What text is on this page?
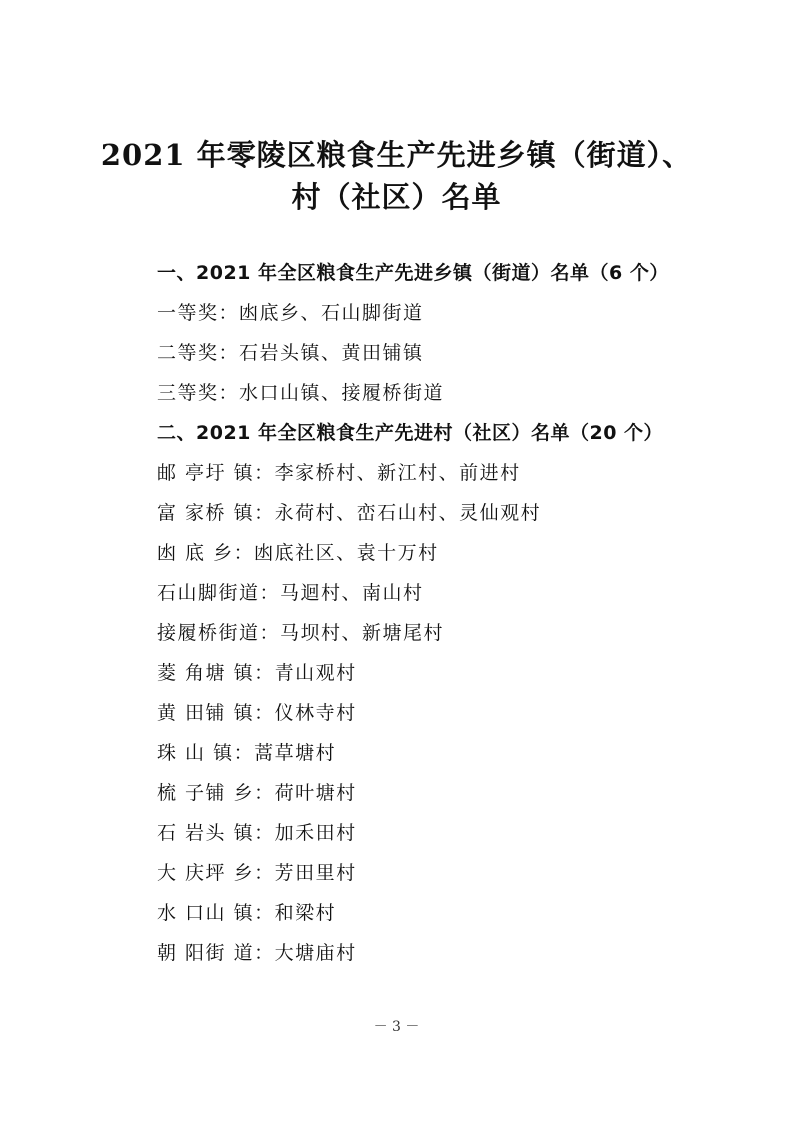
2021 年零陵区粮食生产先进乡镇（街道）、
村（社区）名单
一、2021 年全区粮食生产先进乡镇（街道）名单（6 个）
一等奖：凼底乡、石山脚街道
二等奖：石岩头镇、黄田铺镇
三等奖：水口山镇、接履桥街道
二、2021 年全区粮食生产先进村（社区）名单（20 个）
邮 亭圩 镇：李家桥村、新江村、前进村
富 家桥 镇：永荷村、峦石山村、灵仙观村
凼 底 乡：凼底社区、袁十万村
石山脚街道：马迴村、南山村
接履桥街道：马坝村、新塘尾村
菱 角塘 镇：青山观村
黄 田铺 镇：仪林寺村
珠 山 镇：蒿草塘村
梳 子铺 乡：荷叶塘村
石 岩头 镇：加禾田村
大 庆坪 乡：芳田里村
水 口山 镇：和梁村
朝 阳街 道：大塘庙村
－ 3 －
